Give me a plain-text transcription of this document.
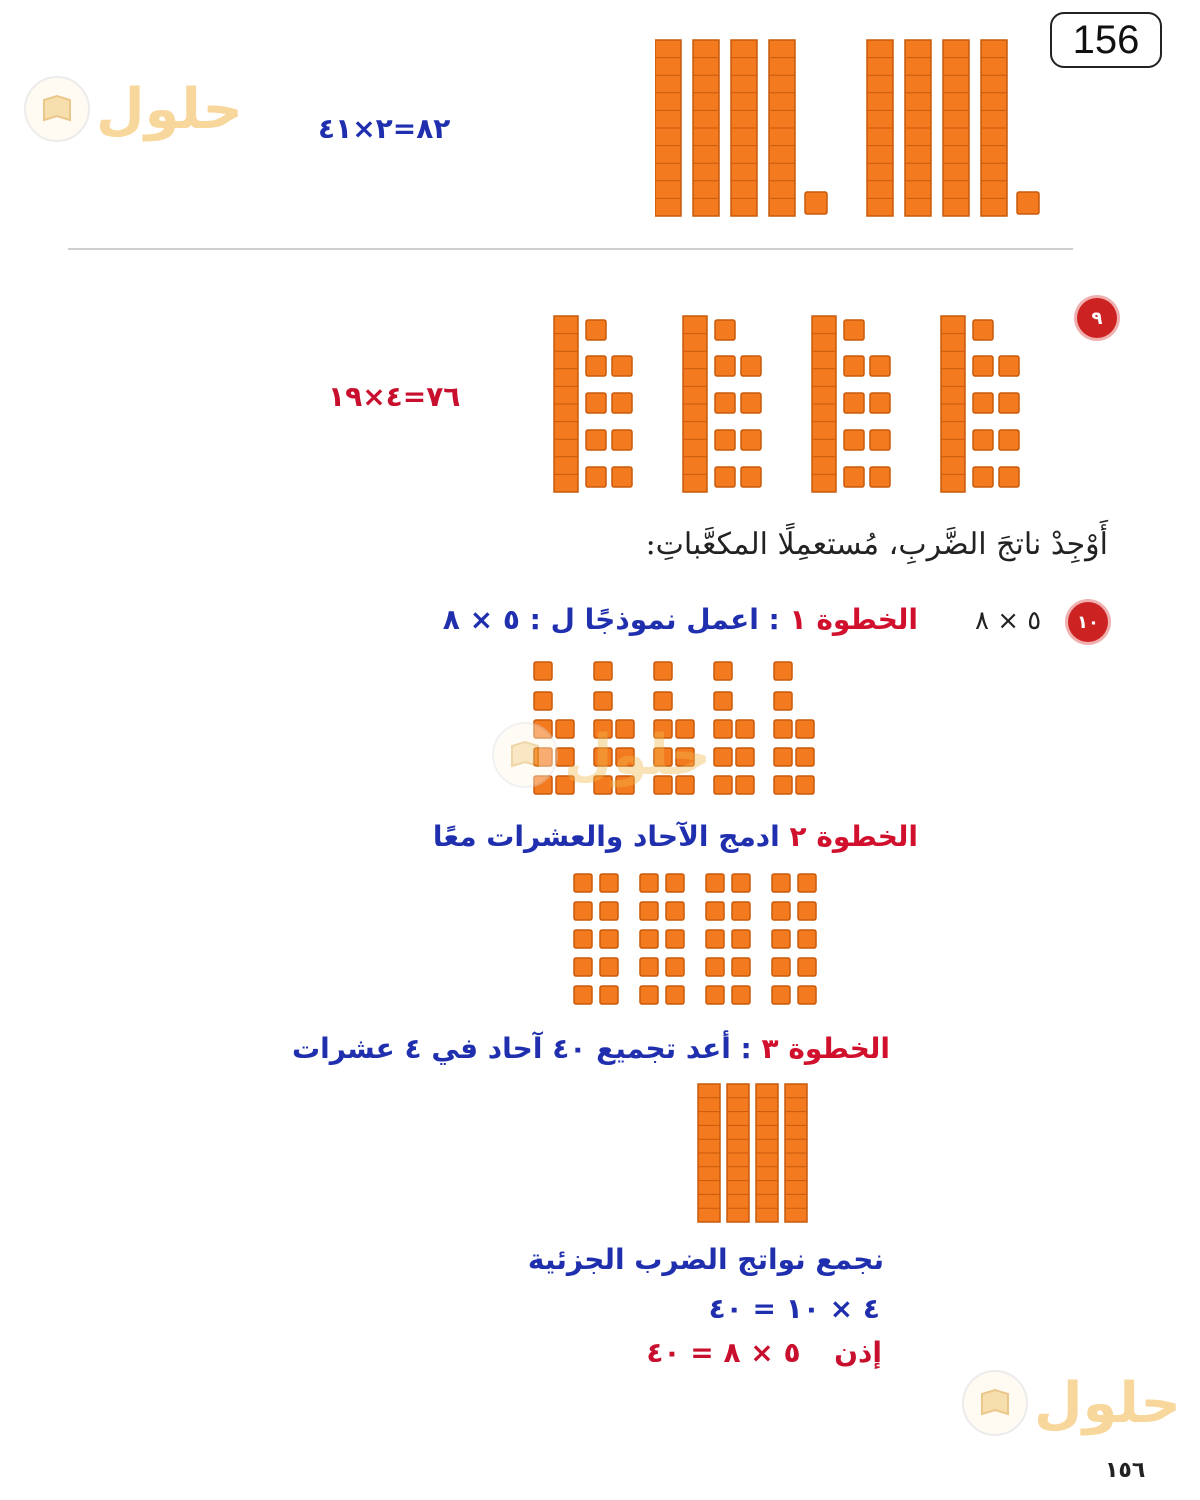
156
حلول	٨٢=٢×٤١
٩
٧٦=٤×١٩
أَوْجِدْ ناتجَ الضَّربِ، مُستعمِلًا المكعَّباتِ:
١٠
٥ × ٨
الخطوة ١ : اعمل نموذجًا ل : ٥ × ٨
حلول
الخطوة ٢ ادمج الآحاد والعشرات معًا
الخطوة ٣ : أعد تجميع ٤٠ آحاد في ٤ عشرات
نجمع نواتج الضرب الجزئية
٤ × ١٠ = ٤٠
إذن  ٥ × ٨ = ٤٠
حلول
١٥٦
